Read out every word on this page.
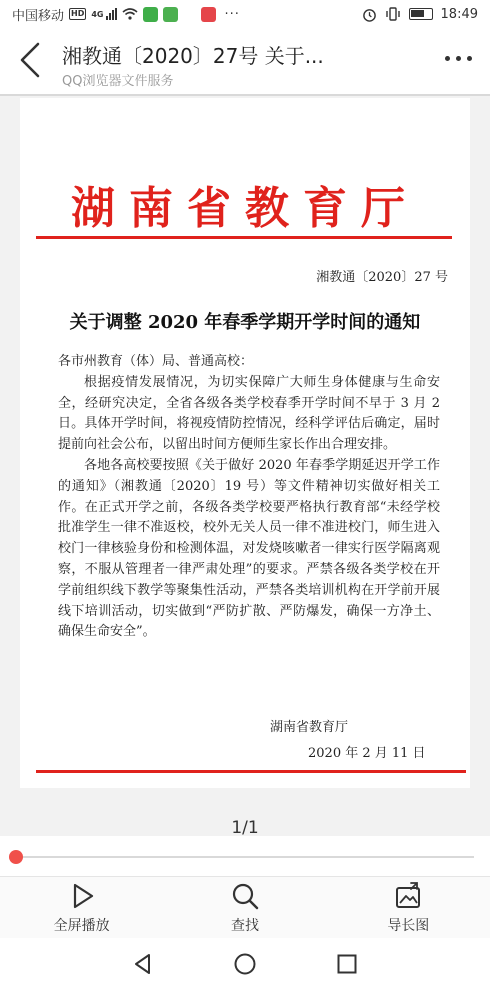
中国移动 HD 4G	···	18:49
湘教通〔2020〕27号 关于...
QQ浏览器文件服务
湖南省教育厅
湘教通〔2020〕27 号
关于调整 2020 年春季学期开学时间的通知

各市州教育（体）局、普通高校：

根据疫情发展情况，为切实保障广大师生身体健康与生命安全，经研究决定，全省各级各类学校春季开学时间不早于 3 月 2 日。具体开学时间，将视疫情防控情况，经科学评估后确定，届时提前向社会公布，以留出时间方便师生家长作出合理安排。

各地各高校要按照《关于做好 2020 年春季学期延迟开学工作的通知》（湘教通〔2020〕19 号）等文件精神切实做好相关工作。在正式开学之前，各级各类学校要严格执行教育部“未经学校批准学生一律不准返校，校外无关人员一律不准进校门，师生进入校门一律核验身份和检测体温，对发烧咳嗽者一律实行医学隔离观察，不服从管理者一律严肃处理”的要求。严禁各级各类学校在开学前组织线下教学等聚集性活动，严禁各类培训机构在开学前开展线下培训活动，切实做到“严防扩散、严防爆发，确保一方净土、确保生命安全”。

湖南省教育厅
2020 年 2 月 11 日
1/1
全屏播放	查找	导长图
